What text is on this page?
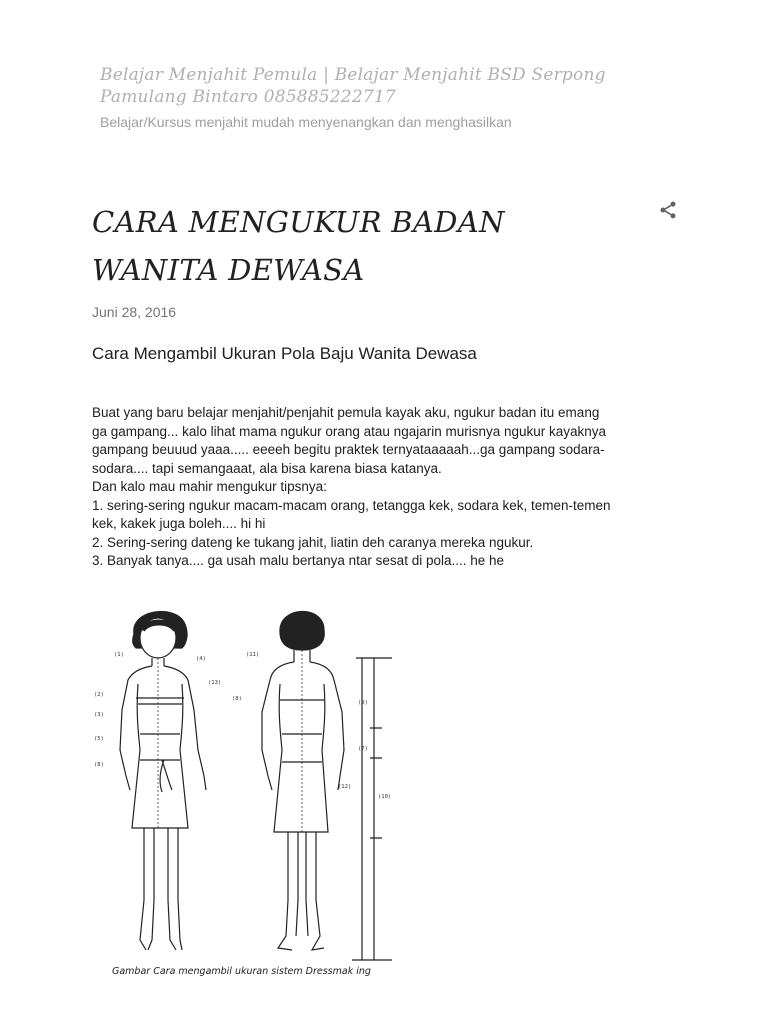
Belajar Menjahit Pemula | Belajar Menjahit BSD Serpong Pamulang Bintaro 085885222717

Belajar/Kursus menjahit mudah menyenangkan dan menghasilkan

CARA MENGUKUR BADAN WANITA DEWASA

Juni 28, 2016

Cara Mengambil Ukuran Pola Baju Wanita Dewasa

Buat yang baru belajar menjahit/penjahit pemula kayak aku, ngukur badan itu emang ga gampang... kalo lihat mama ngukur orang atau ngajarin murisnya ngukur kayaknya gampang beuuud yaaa..... eeeeh begitu praktek ternyataaaaah...ga gampang sodara-sodara.... tapi semangaaat, ala bisa karena biasa katanya.

Dan kalo mau mahir mengukur tipsnya:

1. sering-sering ngukur macam-macam orang, tetangga kek, sodara kek, temen-temen kek, kakek juga boleh.... hi hi

2. Sering-sering dateng ke tukang jahit, liatin deh caranya mereka ngukur.

3. Banyak tanya.... ga usah malu bertanya ntar sesat di pola.... he he

(1)
(4)
(13)
(2)
(3)
(5)
(8)
(11)
(8)
(9)
(7)
(12)
(10)
Gambar Cara mengambil ukuran sistem Dressmak ing
